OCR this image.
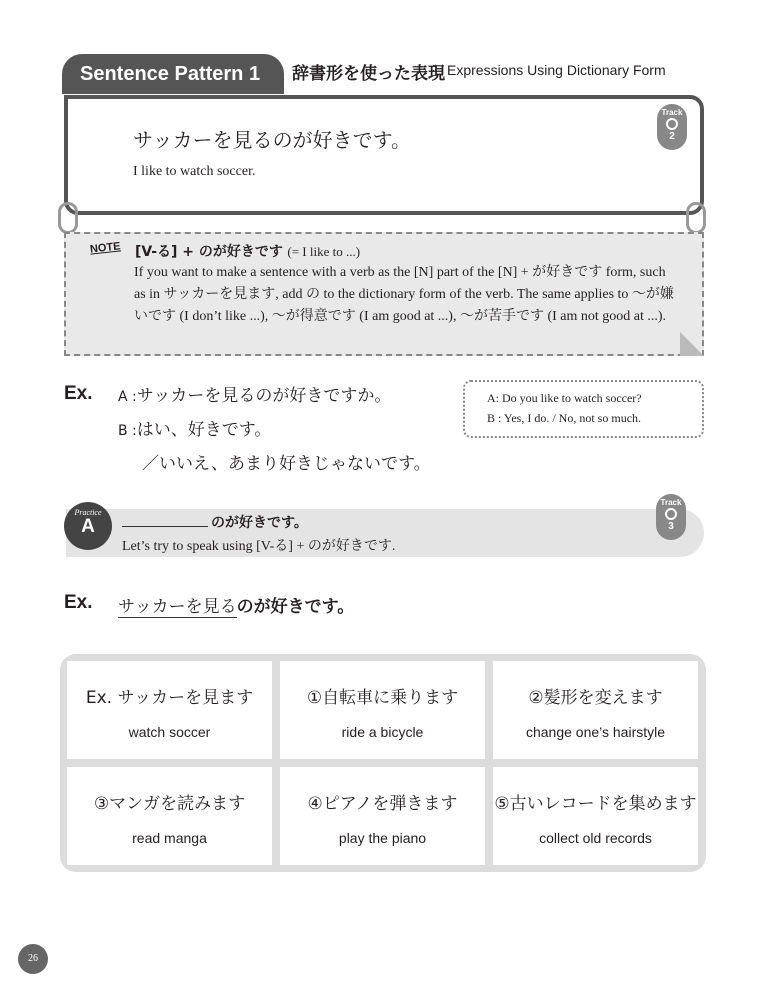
Sentence Pattern 1	辞書形を使った表現 Expressions Using Dictionary Form
サッカーを見るのが好きです。
I like to watch soccer.
Track
2
NOTE [V-る] + のが好きです (= I like to ...)
If you want to make a sentence with a verb as the [N] part of the [N] + が好きです form, such as in サッカーを見ます, add の to the dictionary form of the verb. The same applies to ～が嫌いです (I don’t like ...), ～が得意です (I am good at ...), ～が苦手です (I am not good at ...).
Ex. A :サッカーを見るのが好きですか。
B :はい、好きです。
／いいえ、あまり好きじゃないです。
A: Do you like to watch soccer?
B : Yes, I do. / No, not so much.
Practice
A	のが好きです。
Let’s try to speak using [V-る] + のが好きです.
Track
3
Ex. サッカーを見るのが好きです。
Ex. サッカーを見ます
watch soccer
①自転車に乗ります
ride a bicycle
②髪形を変えます
change one’s hairstyle
③マンガを読みます
read manga
④ピアノを弾きます
play the piano
⑤古いレコードを集めます
collect old records
26
